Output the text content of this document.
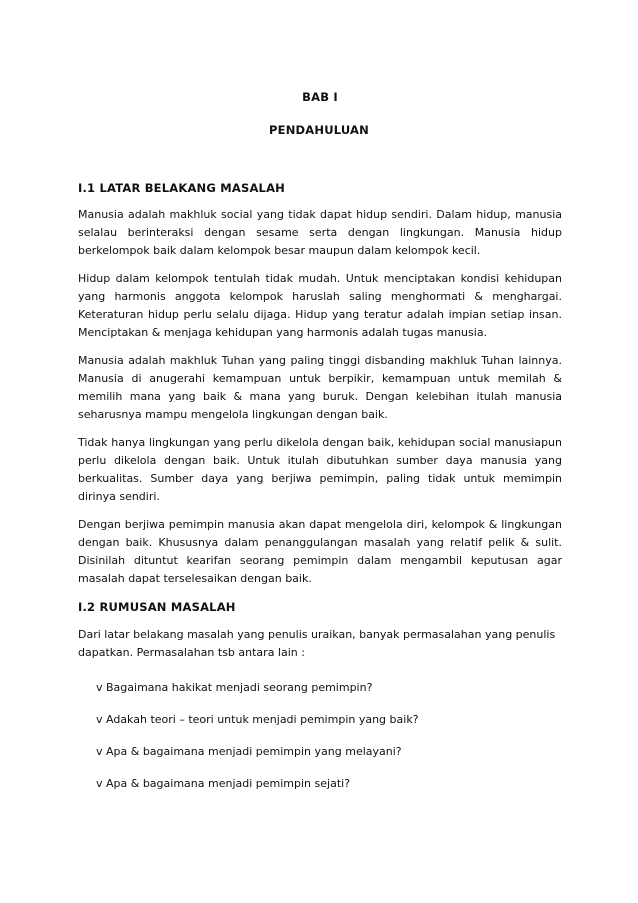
BAB I
PENDAHULUAN
I.1 LATAR BELAKANG MASALAH

Manusia adalah makhluk social yang tidak dapat hidup sendiri. Dalam hidup, manusia selalau berinteraksi dengan sesame serta dengan lingkungan. Manusia hidup berkelompok baik dalam kelompok besar maupun dalam kelompok kecil.

Hidup dalam kelompok tentulah tidak mudah. Untuk menciptakan kondisi kehidupan yang harmonis anggota kelompok haruslah saling menghormati & menghargai. Keteraturan hidup perlu selalu dijaga. Hidup yang teratur adalah impian setiap insan. Menciptakan & menjaga kehidupan yang harmonis adalah tugas manusia.

Manusia adalah makhluk Tuhan yang paling tinggi disbanding makhluk Tuhan lainnya. Manusia di anugerahi kemampuan untuk berpikir, kemampuan untuk memilah & memilih mana yang baik & mana yang buruk. Dengan kelebihan itulah manusia seharusnya mampu mengelola lingkungan dengan baik.

Tidak hanya lingkungan yang perlu dikelola dengan baik, kehidupan social manusiapun perlu dikelola dengan baik. Untuk itulah dibutuhkan sumber daya manusia yang berkualitas. Sumber daya yang berjiwa pemimpin, paling tidak untuk memimpin dirinya sendiri.

Dengan berjiwa pemimpin manusia akan dapat mengelola diri, kelompok & lingkungan dengan baik. Khususnya dalam penanggulangan masalah yang relatif pelik & sulit. Disinilah dituntut kearifan seorang pemimpin dalam mengambil keputusan agar masalah dapat terselesaikan dengan baik.

I.2 RUMUSAN MASALAH

Dari latar belakang masalah yang penulis uraikan, banyak permasalahan yang penulis dapatkan. Permasalahan tsb antara lain :

v Bagaimana hakikat menjadi seorang pemimpin?
v Adakah teori – teori untuk menjadi pemimpin yang baik?
v Apa & bagaimana menjadi pemimpin yang melayani?
v Apa & bagaimana menjadi pemimpin sejati?
